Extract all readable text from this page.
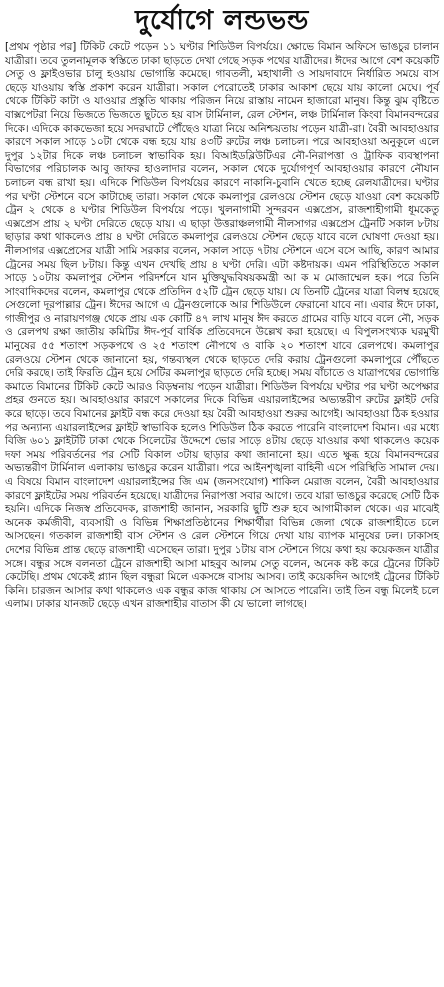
দুর্যোগে লন্ডভন্ড

[প্রথম পৃষ্ঠার পর] টিকিট কেটে পড়েন ১১ ঘণ্টার শিডিউল বিপর্যয়ে। ক্ষোভে বিমান অফিসে ভাঙচুর চালান যাত্রীরা। তবে তুলনামূলক স্বস্তিতে ঢাকা ছাড়তে দেখা গেছে সড়ক পথের যাত্রীদের। ঈদের আগে বেশ কয়েকটি সেতু ও ফ্লাইওভার চালু হওয়ায় ভোগান্তি কমেছে। গাবতলী, মহাখালী ও সায়দাবাদে নির্ধারিত সময়ে বাস ছেড়ে যাওয়ায় স্বস্তি প্রকাশ করেন যাত্রীরা। সকাল পেরোতেই ঢাকার আকাশ ছেয়ে যায় কালো মেঘে। পূর্ব থেকে টিকিট কাটা ও যাওয়ার প্রস্তুতি থাকায় পরিজন নিয়ে রাস্তায় নামেন হাজারো মানুষ। কিন্তু ঝুম বৃষ্টিতে বাক্সপেটরা নিয়ে ভিজতে ভিজতে ছুটতে হয় বাস টার্মিনাল, রেল স্টেশন, লঞ্চ টার্মিনাল কিংবা বিমানবন্দরের দিকে। এদিকে কাকভেজা হয়ে সদরঘাটে পৌঁছেও যাত্রা নিয়ে অনিশ্চয়তায় পড়েন যাত্রী-রা। বৈরী আবহাওয়ার কারণে সকাল সাড়ে ১০টা থেকে বন্ধ হয়ে যায় ৪৩টি রুটের লঞ্চ চলাচল। পরে আবহাওয়া অনুকূলে এলে দুপুর ১২টার দিকে লঞ্চ চলাচল স্বাভাবিক হয়। বিআইডব্লিউটিএর নৌ-নিরাপত্তা ও ট্রাফিক ব্যবস্থাপনা বিভাগের পরিচালক আবু জাফর হাওলাদার বলেন, সকাল থেকে দুর্যোগপূর্ণ আবহাওয়ার কারণে নৌযান চলাচল বন্ধ রাখা হয়। এদিকে শিডিউল বিপর্যয়ের কারণে নাকানি-চুবানি খেতে হচ্ছে রেলযাত্রীদের। ঘণ্টার পর ঘণ্টা স্টেশনে বসে কাটাচ্ছে তারা। সকাল থেকে কমলাপুর রেলওয়ে স্টেশন ছেড়ে যাওয়া বেশ কয়েকটি ট্রেন ২ থেকে ৪ ঘণ্টার শিডিউল বিপর্যয়ে পড়ে। খুলনাগামী সুন্দরবন এক্সপ্রেস, রাজশাহীগামী ধূমকেতু এক্সপ্রেস প্রায় ২ ঘণ্টা দেরিতে ছেড়ে যায়। এ ছাড়া উত্তরাঞ্চলগামী নীলসাগর এক্সপ্রেস ট্রেনটি সকাল ৮টায় ছাড়ার কথা থাকলেও প্রায় ৪ ঘণ্টা দেরিতে কমলাপুর রেলওয়ে স্টেশন ছেড়ে যাবে বলে ঘোষণা দেওয়া হয়। নীলসাগর এক্সপ্রেসের যাত্রী সামি সরকার বলেন, সকাল সাড়ে ৭টায় স্টেশনে এসে বসে আছি, কারণ আমার ট্রেনের সময় ছিল ৮টায়। কিন্তু এখন দেখছি প্রায় ৪ ঘণ্টা দেরি। এটা কষ্টদায়ক। এমন পরিস্থিতিতে সকাল সাড়ে ১০টায় কমলাপুর স্টেশন পরিদর্শনে যান মুক্তিযুদ্ধবিষয়কমন্ত্রী আ ক ম মোজাম্মেল হক। পরে তিনি সাংবাদিকদের বলেন, কমলাপুর থেকে প্রতিদিন ৫২টি ট্রেন ছেড়ে যায়। যে তিনটি ট্রেনের যাত্রা বিলম্ব হয়েছে সেগুলো দূরপাল্লার ট্রেন। ঈদের আগে এ ট্রেনগুলোকে আর শিডিউলে ফেরানো যাবে না। এবার ঈদে ঢাকা, গাজীপুর ও নারায়ণগঞ্জ থেকে প্রায় এক কোটি ৪৭ লাখ মানুষ ঈদ করতে গ্রামের বাড়ি যাবে বলে নৌ, সড়ক ও রেলপথ রক্ষা জাতীয় কমিটির ঈদ-পূর্ব বার্ষিক প্রতিবেদনে উল্লেখ করা হয়েছে। এ বিপুলসংখ্যক ঘরমুখী মানুষের ৫৫ শতাংশ সড়কপথে ও ২৫ শতাংশ নৌপথে ও বাকি ২০ শতাংশ যাবে রেলপথে। কমলাপুর রেলওয়ে স্টেশন থেকে জানানো হয়, গন্তব্যস্থল থেকে ছাড়তে দেরি করায় ট্রেনগুলো কমলাপুরে পৌঁছতে দেরি করছে। তাই ফিরতি ট্রেন হয়ে সেটির কমলাপুর ছাড়তে দেরি হচ্ছে। সময় বাঁচাতে ও যাত্রাপথের ভোগান্তি কমাতে বিমানের টিকিট কেটে আরও বিড়ম্বনায় পড়েন যাত্রীরা। শিডিউল বিপর্যয়ে ঘণ্টার পর ঘণ্টা অপেক্ষার প্রহর গুনতে হয়। আবহাওয়ার কারণে সকালের দিকে বিভিন্ন এয়ারলাইন্সের অভ্যন্তরীণ রুটের ফ্লাইট দেরি করে ছাড়ে। তবে বিমানের ফ্লাইট বন্ধ করে দেওয়া হয় বৈরী আবহাওয়া শুরুর আগেই। আবহাওয়া ঠিক হওয়ার পর অন্যান্য এয়ারলাইন্সের ফ্লাইট স্বাভাবিক হলেও শিডিউল ঠিক করতে পারেনি বাংলাদেশ বিমান। এর মধ্যে বিজি ৬০১ ফ্লাইটটি ঢাকা থেকে সিলেটের উদ্দেশে ভোর সাড়ে ৪টায় ছেড়ে যাওয়ার কথা থাকলেও কয়েক দফা সময় পরিবর্তনের পর সেটি বিকাল ৩টায় ছাড়ার কথা জানানো হয়। এতে ক্ষুব্ধ হয়ে বিমানবন্দরের অভ্যন্তরীণ টার্মিনাল এলাকায় ভাঙচুর করেন যাত্রীরা। পরে আইনশৃঙ্খলা বাহিনী এসে পরিস্থিতি সামাল দেয়। এ বিষয়ে বিমান বাংলাদেশ এয়ারলাইন্সের জি এম (জনসংযোগ) শাকিল মেরাজ বলেন, বৈরী আবহাওয়ার কারণে ফ্লাইটের সময় পরিবর্তন হয়েছে। যাত্রীদের নিরাপত্তা সবার আগে। তবে যারা ভাঙচুর করেছে সেটি ঠিক হয়নি। এদিকে নিজস্ব প্রতিবেদক, রাজশাহী জানান, সরকারি ছুটি শুরু হবে আগামীকাল থেকে। এর মাঝেই অনেক কর্মজীবী, ব্যবসায়ী ও বিভিন্ন শিক্ষাপ্রতিষ্ঠানের শিক্ষার্থীরা বিভিন্ন জেলা থেকে রাজশাহীতে চলে আসছেন। গতকাল রাজশাহী বাস স্টেশন ও রেল স্টেশনে গিয়ে দেখা যায় ব্যাপক মানুষের ঢল। ঢাকাসহ দেশের বিভিন্ন প্রান্ত ছেড়ে রাজশাহী এসেছেন তারা। দুপুর ১টায় বাস স্টেশনে গিয়ে কথা হয় কয়েকজন যাত্রীর সঙ্গে। বন্ধুর সঙ্গে বলনতা ট্রেনে রাজশাহী আসা মাহবুব আলম সেতু বলেন, অনেক কষ্ট করে ট্রেনের টিকিট কেটেছি। প্রথম থেকেই প্ল্যান ছিল বন্ধুরা মিলে একসঙ্গে বাসায় আসব। তাই কয়েকদিন আগেই ট্রেনের টিকিট কিনি। চারজন আসার কথা থাকলেও এক বন্ধুর কাজ থাকায় সে আসতে পারেনি। তাই তিন বন্ধু মিলেই চলে এলাম। ঢাকার যানজট ছেড়ে এখন রাজশাহীর বাতাস কী যে ভালো লাগছে।
